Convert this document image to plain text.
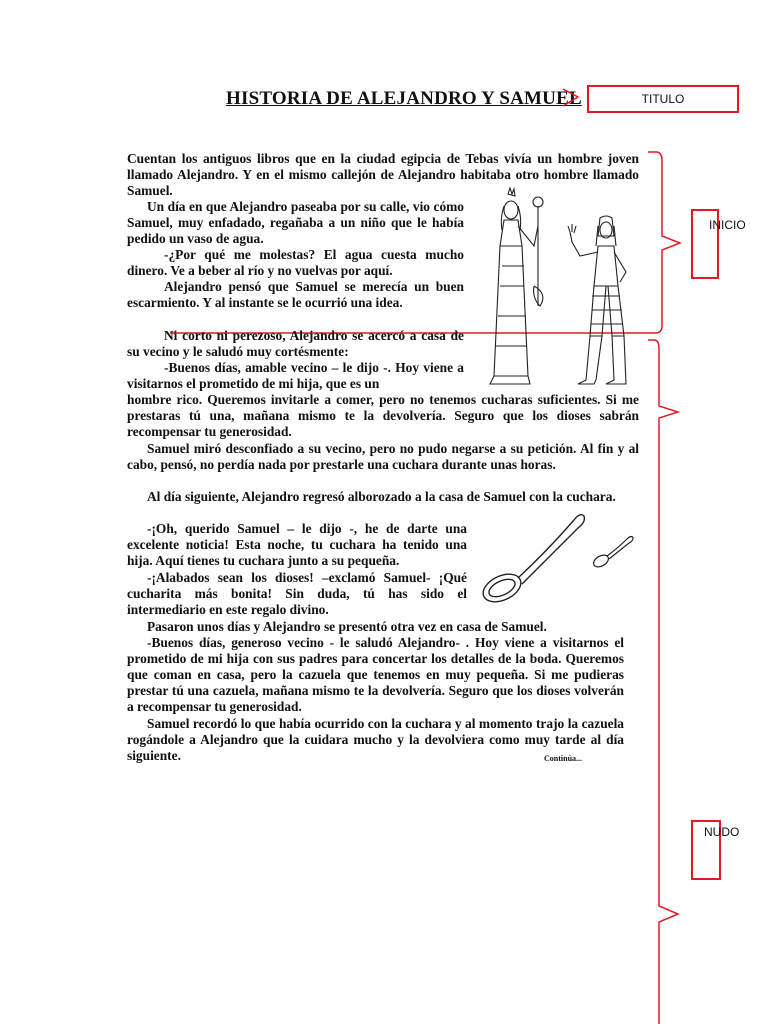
HISTORIA DE ALEJANDRO Y SAMUEL	TITULO
INICIO
NUDO
Cuentan los antiguos libros que en la ciudad egipcia de Tebas vivía un hombre joven llamado Alejandro. Y en el mismo callejón de Alejandro habitaba otro hombre llamado Samuel.
Un día en que Alejandro paseaba por su calle, vio cómo Samuel, muy enfadado, regañaba a un niño que le había pedido un vaso de agua.
-¿Por qué me molestas? El agua cuesta mucho dinero. Ve a beber al río y no vuelvas por aquí.
Alejandro pensó que Samuel se merecía un buen escarmiento. Y al instante se le ocurrió una idea.
Ni corto ni perezoso, Alejandro se acercó a casa de su vecino y le saludó muy cortésmente:
-Buenos días, amable vecino – le dijo -. Hoy viene a visitarnos el prometido de mi hija, que es un
hombre rico. Queremos invitarle a comer, pero no tenemos cucharas suficientes. Si me prestaras tú una, mañana mismo te la devolvería. Seguro que los dioses sabrán recompensar tu generosidad.
Samuel miró desconfiado a su vecino, pero no pudo negarse a su petición. Al fin y al cabo, pensó, no perdía nada por prestarle una cuchara durante unas horas.
Al día siguiente, Alejandro regresó alborozado a la casa de Samuel con la cuchara.
-¡Oh, querido Samuel – le dijo -, he de darte una excelente noticia! Esta noche, tu cuchara ha tenido una hija. Aquí tienes tu cuchara junto a su pequeña.
-¡Alabados sean los dioses! –exclamó Samuel- ¡Qué cucharita más bonita! Sin duda, tú has sido el intermediario en este regalo divino.
Pasaron unos días y Alejandro se presentó otra vez en casa de Samuel.
-Buenos días, generoso vecino - le saludó Alejandro- . Hoy viene a visitarnos el prometido de mi hija con sus padres para concertar los detalles de la boda. Queremos que coman en casa, pero la cazuela que tenemos en muy pequeña. Si me pudieras prestar tú una cazuela, mañana mismo te la devolvería. Seguro que los dioses volverán a recompensar tu generosidad.
Samuel recordó lo que había ocurrido con la cuchara y al momento trajo la cazuela rogándole a Alejandro que la cuidara mucho y la devolviera como muy tarde al día siguiente.	Continúa...
